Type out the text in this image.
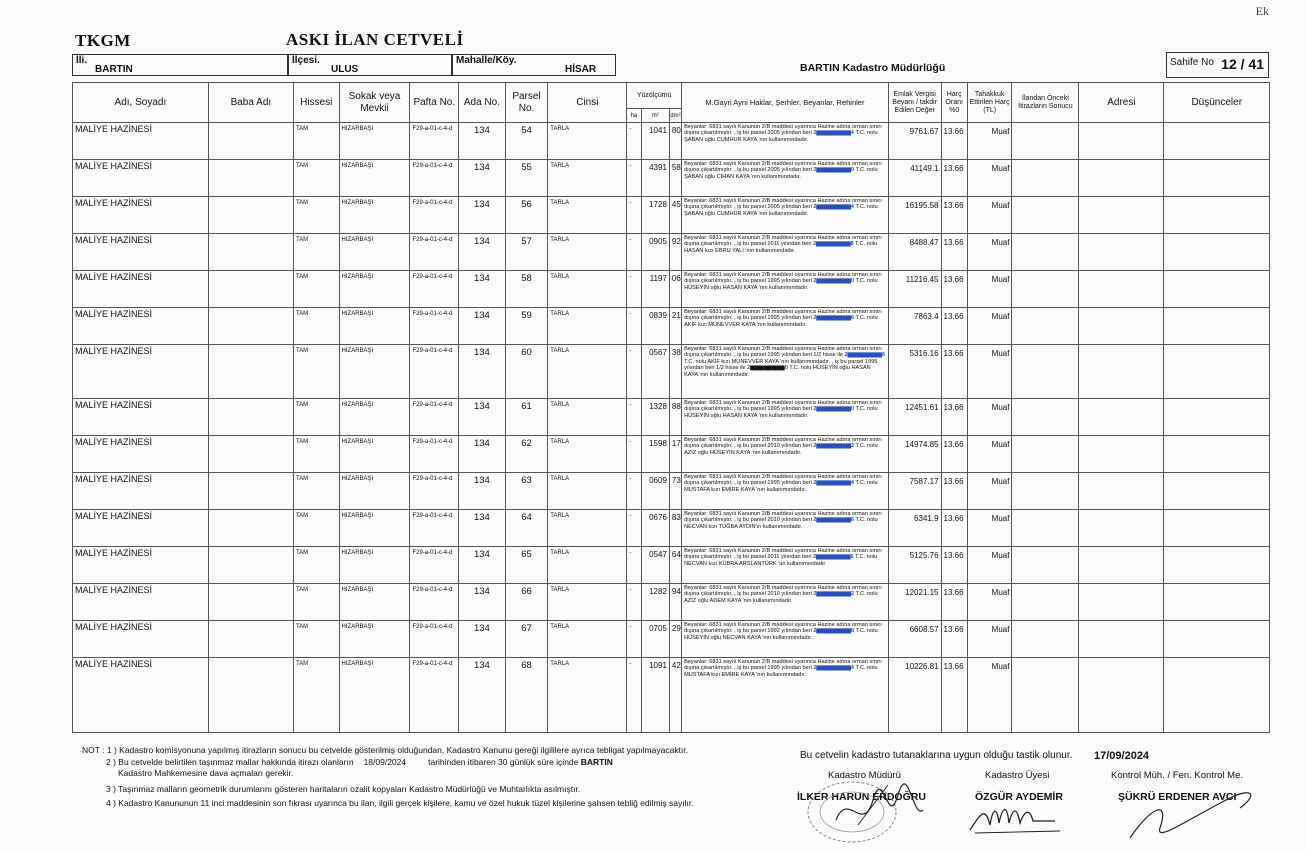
Ek
TKGM	ASKI İLAN CETVELİ
İli.
BARTIN
İlçesi.
ULUS
Mahalle/Köy.
HİSAR	BARTIN Kadastro Müdürlüğü	Sahife No 12 / 41
Adı, Soyadı	Baba Adı	Hissesi	Sokak veya Mevkii	Pafta No.	Ada No.	Parsel No.	Cinsi	Yüzölçümü			M.Gayri Ayni Haklar, Şerhler, Beyanlar, Rehinler	Emlak Vergisi Beyanı / takdir Edilen Değer	Harç Oranı %0	Tahakkuk Ettirilen Harç (TL)	İlandan Önceki İtirazların Sonucu	Adresi	Düşünceler
								ha	m²	dm²							
MALİYE HAZİNESİ		TAM	HIZARBAŞI	F29-a-01-c-4-d	134	54	TARLA	-	1041	80	Beyanlar: 6831 sayılı Kanunun 2/B maddesi uyarınca Hazine adına orman sınırı dışına çıkartılmıştır. , iş bu parsel 2005 yılından beri 2▆▆▆▆▆▆▆▆4 T.C. nolu ŞABAN oğlu CUMHUR KAYA 'nın kullanımındadır.	9761.67	13.66	Muaf			
MALİYE HAZİNESİ		TAM	HIZARBAŞI	F29-a-01-c-4-d	134	55	TARLA	-	4391	58	Beyanlar: 6831 sayılı Kanunun 2/B maddesi uyarınca Hazine adına orman sınırı dışına çıkartılmıştır. , iş bu parsel 2005 yılından beri 2▆▆▆▆▆▆▆▆0 T.C. nolu ŞABAN oğlu CİHAN KAYA 'nın kullanımındadır.	41149.1	13.66	Muaf			
MALİYE HAZİNESİ		TAM	HIZARBAŞI	F29-a-01-c-4-d	134	56	TARLA	-	1728	45	Beyanlar: 6831 sayılı Kanunun 2/B maddesi uyarınca Hazine adına orman sınırı dışına çıkartılmıştır. , iş bu parsel 2005 yılından beri 2▆▆▆▆▆▆▆▆4 T.C. nolu ŞABAN oğlu CUMHUR KAYA 'nın kullanımındadır.	16195.58	13.66	Muaf			
MALİYE HAZİNESİ		TAM	HIZARBAŞI	F29-a-01-c-4-d	134	57	TARLA	-	0905	92	Beyanlar: 6831 sayılı Kanunun 2/B maddesi uyarınca Hazine adına orman sınırı dışına çıkartılmıştır. , iş bu parsel 2011 yılından beri 2▆▆▆▆▆▆▆▆8 T.C. nolu HASAN kızı EBRU YALI 'nın kullanımındadır.	8488.47	13.66	Muaf			
MALİYE HAZİNESİ		TAM	HIZARBAŞI	F29-a-01-c-4-d	134	58	TARLA	-	1197	06	Beyanlar: 6831 sayılı Kanunun 2/B maddesi uyarınca Hazine adına orman sınırı dışına çıkartılmıştır. , iş bu parsel 1995 yılından beri 2▆▆▆▆▆▆▆▆0 T.C. nolu HÜSEYİN oğlu HASAN KAYA 'nın kullanımındadır.	11216.45	13.66	Muaf			
MALİYE HAZİNESİ		TAM	HIZARBAŞI	F29-a-01-c-4-d	134	59	TARLA	-	0839	21	Beyanlar: 6831 sayılı Kanunun 2/B maddesi uyarınca Hazine adına orman sınırı dışına çıkartılmıştır. , iş bu parsel 1995 yılından beri 2▆▆▆▆▆▆▆▆6 T.C. nolu AKİF kızı MÜNEVVER KAYA 'nın kullanımındadır.	7863.4	13.66	Muaf			
MALİYE HAZİNESİ		TAM	HIZARBAŞI	F29-a-01-c-4-d	134	60	TARLA	-	0567	38	Beyanlar: 6831 sayılı Kanunun 2/B maddesi uyarınca Hazine adına orman sınırı dışına çıkartılmıştır. , iş bu parsel 1995 yılından beri 1/2 hisse ile 2▆▆▆▆▆▆▆▆6 T.C. nolu AKİF kızı MÜNEVVER KAYA 'nın kullanımındadır. , iş bu parsel 1995 yılından beri 1/2 hisse ile 2▆▆▆▆▆▆▆▆0 T.C. nolu HÜSEYİN oğlu HASAN KAYA 'nın kullanımındadır.	5316.16	13.66	Muaf			
MALİYE HAZİNESİ		TAM	HIZARBAŞI	F29-a-01-c-4-d	134	61	TARLA	-	1328	88	Beyanlar: 6831 sayılı Kanunun 2/B maddesi uyarınca Hazine adına orman sınırı dışına çıkartılmıştır. , iş bu parsel 1995 yılından beri 2▆▆▆▆▆▆▆▆0 T.C. nolu HÜSEYİN oğlu HASAN KAYA 'nın kullanımındadır.	12451.61	13.66	Muaf			
MALİYE HAZİNESİ		TAM	HIZARBAŞI	F29-a-01-c-4-d	134	62	TARLA	-	1598	17	Beyanlar: 6831 sayılı Kanunun 2/B maddesi uyarınca Hazine adına orman sınırı dışına çıkartılmıştır. , iş bu parsel 2010 yılından beri 2▆▆▆▆▆▆▆▆2 T.C. nolu AZİZ oğlu HÜSEYİN KAYA 'nın kullanımındadır.	14974.85	13.66	Muaf			
MALİYE HAZİNESİ		TAM	HIZARBAŞI	F29-a-01-c-4-d	134	63	TARLA	-	0609	73	Beyanlar: 6831 sayılı Kanunun 2/B maddesi uyarınca Hazine adına orman sınırı dışına çıkartılmıştır. , iş bu parsel 1995 yılından beri 2▆▆▆▆▆▆▆▆4 T.C. nolu MUSTAFA kızı EMİRE KAYA 'nın kullanımındadır.	7587.17	13.66	Muaf			
MALİYE HAZİNESİ		TAM	HIZARBAŞI	F29-a-01-c-4-d	134	64	TARLA	-	0676	83	Beyanlar: 6831 sayılı Kanunun 2/B maddesi uyarınca Hazine adına orman sınırı dışına çıkartılmıştır. , iş bu parsel 2010 yılından beri 2▆▆▆▆▆▆▆▆6 T.C. nolu NECVAN kızı TUĞBA AYDIN'ın kullanımındadır.	6341.9	13.66	Muaf			
MALİYE HAZİNESİ		TAM	HIZARBAŞI	F29-a-01-c-4-d	134	65	TARLA	-	0547	64	Beyanlar: 6831 sayılı Kanunun 2/B maddesi uyarınca Hazine adına orman sınırı dışına çıkartılmıştır. , iş bu parsel 2011 yılından beri 2▆▆▆▆▆▆▆▆6 T.C. nolu NECVAN kızı KÜBRA ARSLANTÜRK 'ün kullanımındadır.	5125.76	13.66	Muaf			
MALİYE HAZİNESİ		TAM	HIZARBAŞI	F29-a-01-c-4-d	134	66	TARLA	-	1282	94	Beyanlar: 6831 sayılı Kanunun 2/B maddesi uyarınca Hazine adına orman sınırı dışına çıkartılmıştır. , iş bu parsel 2010 yılından beri 2▆▆▆▆▆▆▆▆2 T.C. nolu AZİZ oğlu ADEM KAYA 'nın kullanımındadır.	12021.15	13.66	Muaf			
MALİYE HAZİNESİ		TAM	HIZARBAŞI	F29-a-01-c-4-d	134	67	TARLA	-	0705	29	Beyanlar: 6831 sayılı Kanunun 2/B maddesi uyarınca Hazine adına orman sınırı dışına çıkartılmıştır. , iş bu parsel 1992 yılından beri 2▆▆▆▆▆▆▆▆8 T.C. nolu HÜSEYİN oğlu NECVAN KAYA 'nın kullanımındadır.	6608.57	13.66	Muaf			
MALİYE HAZİNESİ		TAM	HIZARBAŞI	F29-a-01-c-4-d	134	68	TARLA	-	1091	42	Beyanlar: 6831 sayılı Kanunun 2/B maddesi uyarınca Hazine adına orman sınırı dışına çıkartılmıştır. , iş bu parsel 1995 yılından beri 2▆▆▆▆▆▆▆▆4 T.C. nolu MUSTAFA kızı EMİRE KAYA 'nın kullanımındadır.	10226.81	13.66	Muaf			
NOT : 1 ) Kadastro komisyonuna yapılmış itirazların sonucu bu cetvelde gösterilmiş olduğundan, Kadastro Kanunu gereği ilgililere ayrıca tebligat yapılmayacaktır.
2 ) Bu cetvelde belirtilen taşınmaz mallar hakkında itirazı olanların 18/09/2024	tarihinden itibaren 30 günlük süre içinde BARTIN
Kadastro Mahkemesine dava açmaları gerekir.
3 ) Taşınmaz malların geometrik durumlarını gösteren haritaların ozalit kopyaları Kadastro Müdürlüğü ve Muhtarlıkta asılmıştır.
4 ) Kadastro Kanununun 11 inci maddesinin son fıkrası uyarınca bu ilan, ilgili gerçek kişilere, kamu ve özel hukuk tüzel kişilerine şahsen tebliğ edilmiş sayılır.
Bu cetvelin kadastro tutanaklarına uygun olduğu tastik olunur. 17/09/2024
Kadastro Müdürü
İLKER HARUN ERDOĞRU
Kadastro Üyesi
ÖZGÜR AYDEMİR
Kontrol Müh. / Fen. Kontrol Me.
ŞÜKRÜ ERDENER AVCI
